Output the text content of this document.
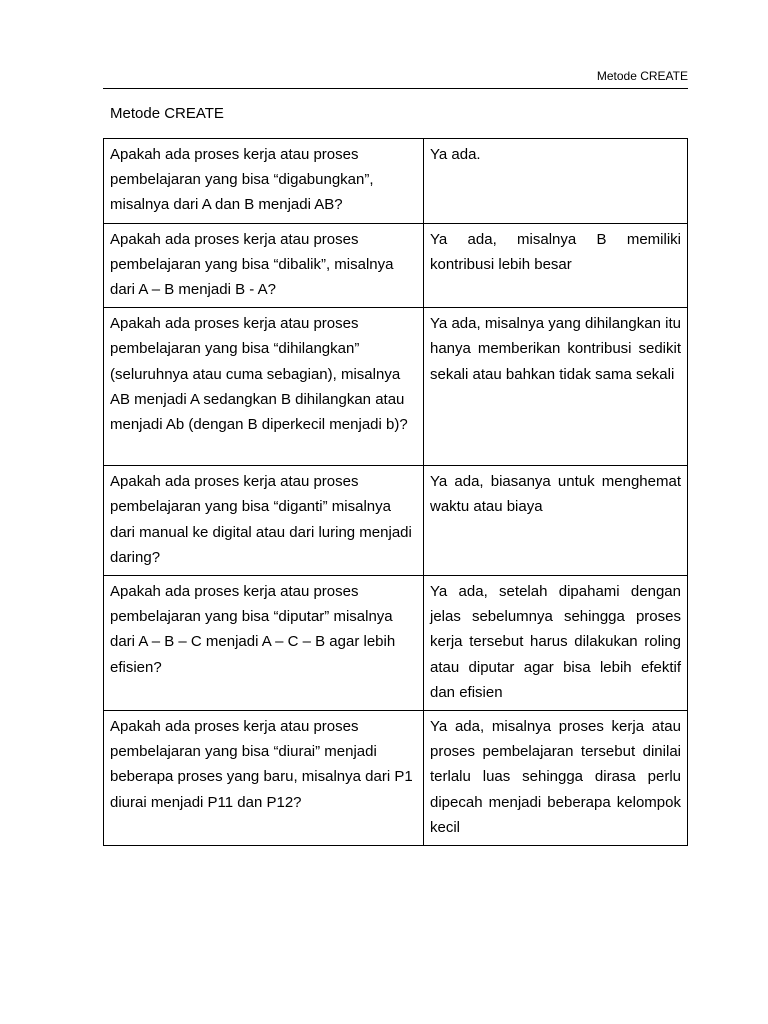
Metode CREATE
Metode CREATE
Apakah ada proses kerja atau proses pembelajaran yang bisa “digabungkan”, misalnya dari A dan B menjadi AB?	Ya ada.
Apakah ada proses kerja atau proses pembelajaran yang bisa “dibalik”, misalnya dari A – B menjadi B - A?	Ya ada, misalnya B memiliki kontribusi lebih besar
Apakah ada proses kerja atau proses pembelajaran yang bisa “dihilangkan” (seluruhnya atau cuma sebagian), misalnya AB menjadi A sedangkan B dihilangkan atau menjadi Ab (dengan B diperkecil menjadi b)?	Ya ada, misalnya yang dihilangkan itu hanya memberikan kontribusi sedikit sekali atau bahkan tidak sama sekali
Apakah ada proses kerja atau proses pembelajaran yang bisa “diganti” misalnya dari manual ke digital atau dari luring menjadi daring?	Ya ada, biasanya untuk menghemat waktu atau biaya
Apakah ada proses kerja atau proses pembelajaran yang bisa “diputar” misalnya dari A – B – C menjadi A – C – B agar lebih efisien?	Ya ada, setelah dipahami dengan jelas sebelumnya sehingga proses kerja tersebut harus dilakukan roling atau diputar agar bisa lebih efektif dan efisien
Apakah ada proses kerja atau proses pembelajaran yang bisa “diurai” menjadi beberapa proses yang baru, misalnya dari P1 diurai menjadi P11 dan P12?	Ya ada, misalnya proses kerja atau proses pembelajaran tersebut dinilai terlalu luas sehingga dirasa perlu dipecah menjadi beberapa kelompok kecil
